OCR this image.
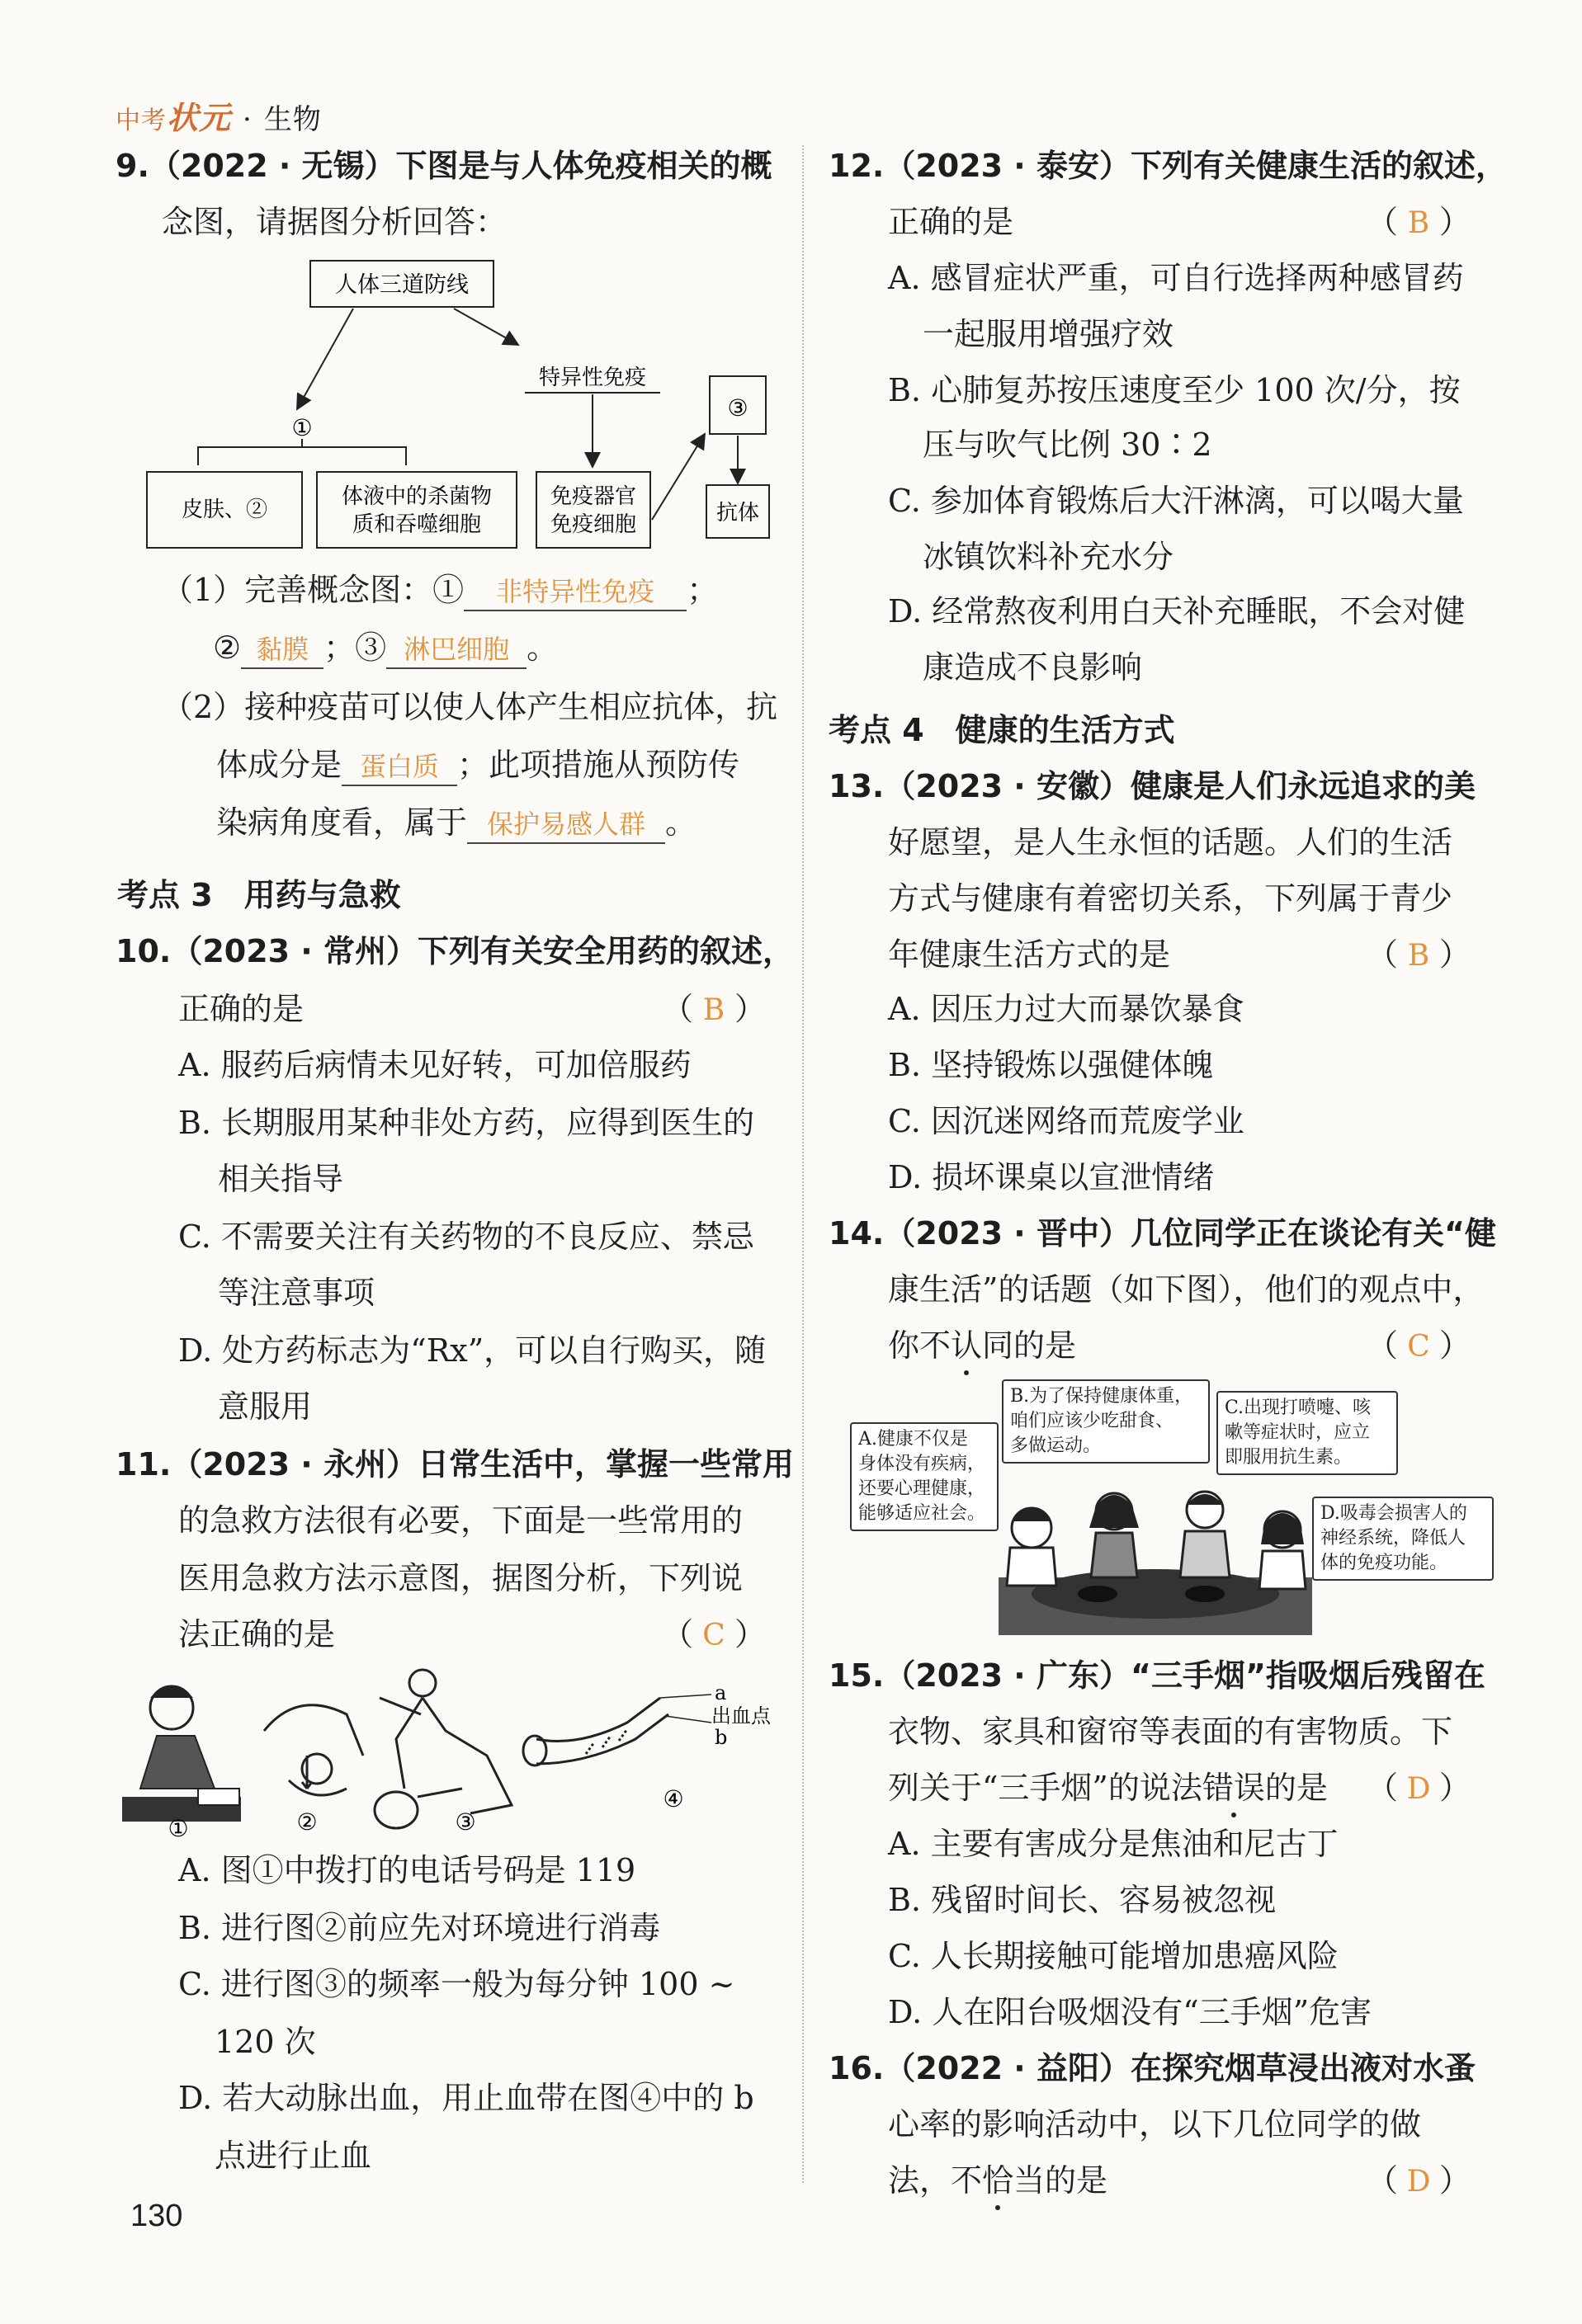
中考状元 · 生物
9.（2022 · 无锡）下图是与人体免疫相关的概
念图，请据图分析回答：
人体三道防线
特异性免疫
①
皮肤、②
体液中的杀菌物
质和吞噬细胞
免疫器官
免疫细胞
③
抗体
（1）完善概念图：① 非特异性免疫 ；
② 黏膜 ；③ 淋巴细胞 。
（2）接种疫苗可以使人体产生相应抗体，抗
体成分是 蛋白质 ；此项措施从预防传
染病角度看，属于 保护易感人群 。
考点 3　用药与急救
10.（2023 · 常州）下列有关安全用药的叙述，
正确的是	（ B ）
A. 服药后病情未见好转，可加倍服药
B. 长期服用某种非处方药，应得到医生的
相关指导
C. 不需要关注有关药物的不良反应、禁忌
等注意事项
D. 处方药标志为“Rx”，可以自行购买，随
意服用
11.（2023 · 永州）日常生活中，掌握一些常用
的急救方法很有必要，下面是一些常用的
医用急救方法示意图，据图分析，下列说
法正确的是	（ C ）
a
出血点
b
①	②	③
④
A. 图①中拨打的电话号码是 119
B. 进行图②前应先对环境进行消毒
C. 进行图③的频率一般为每分钟 100 ~
120 次
D. 若大动脉出血，用止血带在图④中的 b
点进行止血
12.（2023 · 泰安）下列有关健康生活的叙述，
正确的是	（ B ）
A. 感冒症状严重，可自行选择两种感冒药
一起服用增强疗效
B. 心肺复苏按压速度至少 100 次/分，按
压与吹气比例 30∶2
C. 参加体育锻炼后大汗淋漓，可以喝大量
冰镇饮料补充水分
D. 经常熬夜利用白天补充睡眠，不会对健
康造成不良影响
考点 4　健康的生活方式
13.（2023 · 安徽）健康是人们永远追求的美
好愿望，是人生永恒的话题。人们的生活
方式与健康有着密切关系，下列属于青少
年健康生活方式的是	（ B ）
A. 因压力过大而暴饮暴食
B. 坚持锻炼以强健体魄
C. 因沉迷网络而荒废学业
D. 损坏课桌以宣泄情绪
14.（2023 · 晋中）几位同学正在谈论有关“健
康生活”的话题（如下图），他们的观点中，
你不认同的是	（ C ）
A.健康不仅是
身体没有疾病，
还要心理健康，
能够适应社会。
B.为了保持健康体重，
咱们应该少吃甜食、
多做运动。
C.出现打喷嚏、咳
嗽等症状时，应立
即服用抗生素。
D.吸毒会损害人的
神经系统，降低人
体的免疫功能。
15.（2023 · 广东）“三手烟”指吸烟后残留在
衣物、家具和窗帘等表面的有害物质。下
列关于“三手烟”的说法错误的是 （ D ）
A. 主要有害成分是焦油和尼古丁
B. 残留时间长、容易被忽视
C. 人长期接触可能增加患癌风险
D. 人在阳台吸烟没有“三手烟”危害
16.（2022 · 益阳）在探究烟草浸出液对水蚤
心率的影响活动中，以下几位同学的做
法，不恰当的是	（ D ）
130
